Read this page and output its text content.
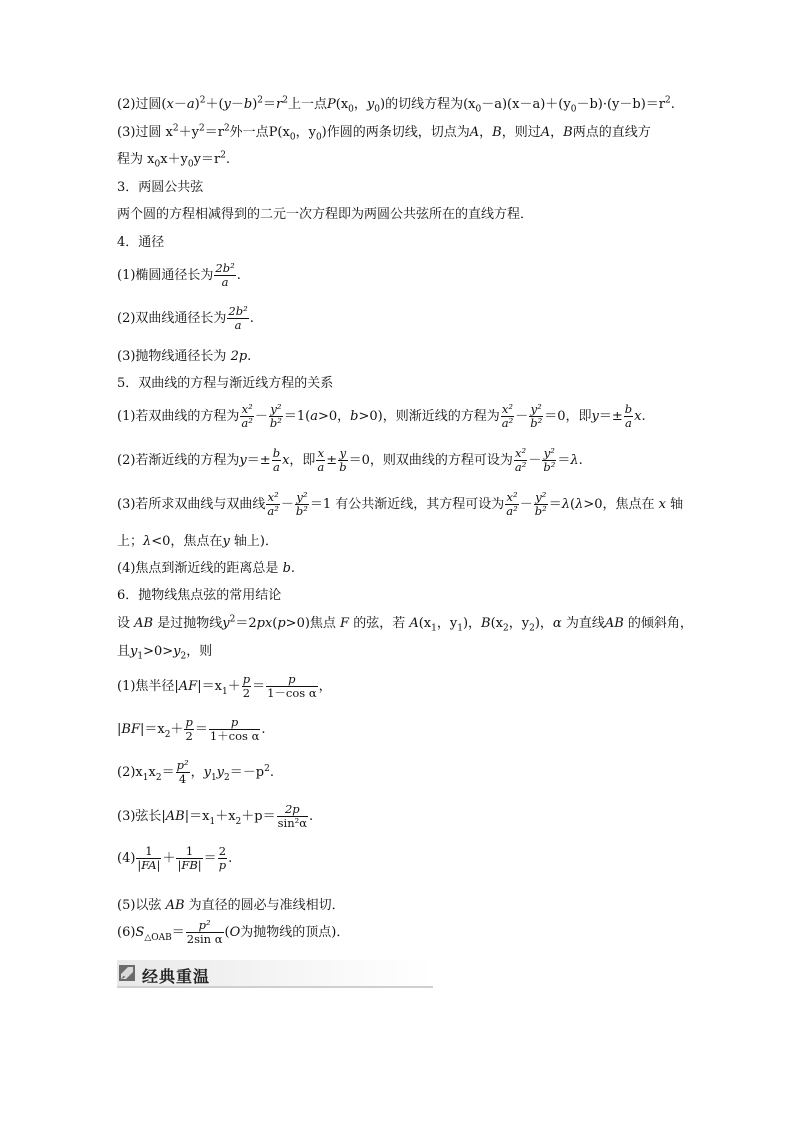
(2)过圆$(x-a)^2+(y-b)^2=r^2$上一点$P(x_0$，$y_0$)的切线方程为$(x_0-a)(x-a)+(y_0-b)\cdot(y-b)=r^2$.
(3)过圆 $x^2+y^2=r^2$外一点$P(x_0$，$y_0$)作圆的两条切线，切点为A，B，则过A，B两点的直线方
程为 $x_0x+y_0y=r^2$.
3．两圆公共弦
两个圆的方程相减得到的二元一次方程即为两圆公共弦所在的直线方程．
4．通径
(1)椭圆通径长为 $\frac{\text{2b²}}{a}$ .
(2)双曲线通径长为 $\frac{\text{2b²}}{a}$ .
(3)抛物线通径长为 2p.
5．双曲线的方程与渐近线方程的关系
(1)若双曲线的方程为 $\frac{\text{x²}}{\text{a²}} - \frac{\text{y²}}{\text{b²}} =1(a>0$，b>0)，则渐近线的方程为 $\frac{\text{x²}}{\text{a²}} - \frac{\text{y²}}{\text{b²}} =0$，即$y=\pm \frac{b}{a} x$.
(2)若渐近线的方程为$y=\pm \frac{b}{a}$ x，即 $\frac{x}{a} \pm \frac{y}{b} =0$，则双曲线的方程可设为 $\frac{\text{x²}}{\text{a²}} - \frac{\text{y²}}{\text{b²}} =\lambda$.
(3)若所求双曲线与双曲线 $\frac{\text{x²}}{\text{a²}} - \frac{\text{y²}}{\text{b²}} =1$ 有公共渐近线，其方程可设为 $\frac{\text{x²}}{\text{a²}} - \frac{\text{y²}}{\text{b²}} =\lambda(\lambda>0$，焦点在 x 轴
上；λ<0，焦点在y 轴上)．
(4)焦点到渐近线的距离总是 b.
6．抛物线焦点弦的常用结论
设 AB 是过抛物线$y^2=2px(p>0)$焦点 F 的弦，若 $A(x_1$，$y_1$)，$B(x_2$，$y_2$)，α 为直线AB 的倾斜角，
且$y_1>0>y_2$，则
(1)焦半径$|AF|=x_1+ \frac{p}{2} = \frac{p}{\text{1－cos α}}$ ，
$|BF|=x_2+ \frac{p}{2} = \frac{p}{\text{1＋cos α}}$ .
$(2)x_1x_2= \frac{\text{p²}}{4}$ ，$y_1y_2=-p^2$.
(3)弦长$|AB|=x_1+x_2+p= \frac{2p}{\text{sin²α}}$ .
$(4) \frac{1}{|FA|} + \frac{1}{|FB|} = \frac{2}{p}$ .
(5)以弦 AB 为直径的圆必与准线相切．
$(6)S_{\triangle OAB}= \frac{\text{p²}}{\text{2sin α}} (O$为抛物线的顶点)．
经典重温
